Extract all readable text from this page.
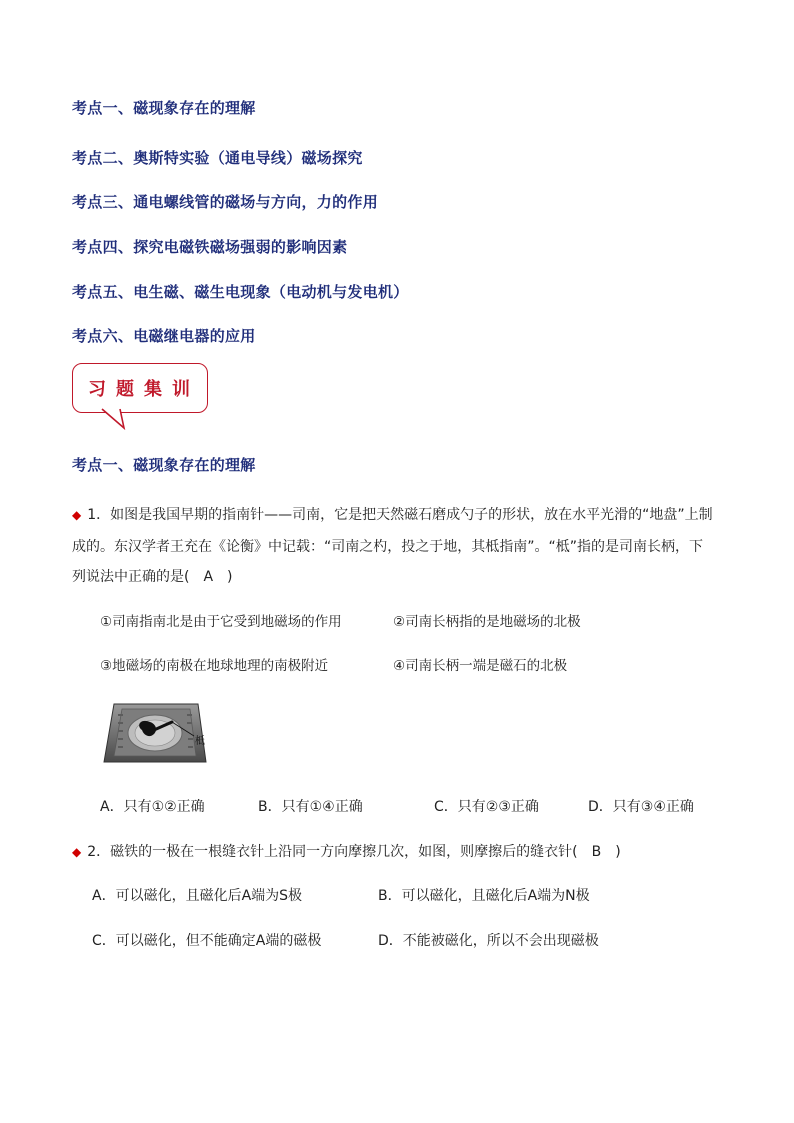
考点一、磁现象存在的理解
考点二、奥斯特实验（通电导线）磁场探究
考点三、通电螺线管的磁场与方向，力的作用
考点四、探究电磁铁磁场强弱的影响因素
考点五、电生磁、磁生电现象（电动机与发电机）
考点六、电磁继电器的应用
习题集训
考点一、磁现象存在的理解
◆ 1．如图是我国早期的指南针——司南，它是把天然磁石磨成勺子的形状，放在水平光滑的“地盘”上制
成的。东汉学者王充在《论衡》中记载：“司南之杓，投之于地，其柢指南”。“柢”指的是司南长柄，下
列说法中正确的是(　A　)
①司南指南北是由于它受到地磁场的作用	②司南长柄指的是地磁场的北极
③地磁场的南极在地球地理的南极附近	④司南长柄一端是磁石的北极
柢
A．只有①②正确	B．只有①④正确	C．只有②③正确	D．只有③④正确
◆ 2．磁铁的一极在一根缝衣针上沿同一方向摩擦几次，如图，则摩擦后的缝衣针(　B　)
A．可以磁化，且磁化后A端为S极	B．可以磁化，且磁化后A端为N极
C．可以磁化，但不能确定A端的磁极	D．不能被磁化，所以不会出现磁极
